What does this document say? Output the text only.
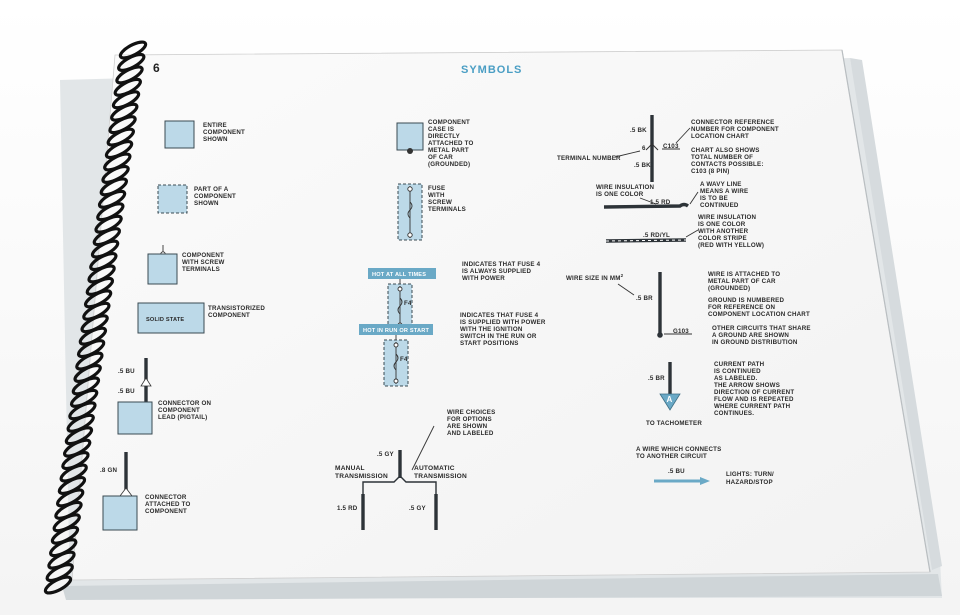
6	SYMBOLS
ENTIRE COMPONENT SHOWN
PART OF A COMPONENT SHOWN
COMPONENT WITH SCREW TERMINALS
SOLID STATE
TRANSISTORIZED COMPONENT
.5 BU
.5 BU
CONNECTOR ON COMPONENT LEAD (PIGTAIL)
.8 GN
CONNECTOR ATTACHED TO COMPONENT
COMPONENT CASE IS DIRECTLY ATTACHED TO METAL PART OF CAR (GROUNDED)
FUSE WITH SCREW TERMINALS
HOT AT ALL TIMES
F4
INDICATES THAT FUSE 4 IS ALWAYS SUPPLIED WITH POWER
HOT IN RUN OR START
F4
INDICATES THAT FUSE 4 IS SUPPLIED WITH POWER WITH THE IGNITION SWITCH IN THE RUN OR START POSITIONS
WIRE CHOICES FOR OPTIONS ARE SHOWN AND LABELED
.5 GY
MANUAL TRANSMISSION
AUTOMATIC TRANSMISSION
1.5 RD	.5 GY
.5 BK
.5 BK
TERMINAL NUMBER
6	C103
CONNECTOR REFERENCE NUMBER FOR COMPONENT LOCATION CHART
CHART ALSO SHOWS TOTAL NUMBER OF CONTACTS POSSIBLE: C103 (8 PIN)
WIRE INSULATION IS ONE COLOR
1.5 RD
A WAVY LINE MEANS A WIRE IS TO BE CONTINUED
.5 RD/YL
WIRE INSULATION IS ONE COLOR WITH ANOTHER COLOR STRIPE (RED WITH YELLOW)
WIRE SIZE IN $MM^2$
.5 BR
G103
WIRE IS ATTACHED TO METAL PART OF CAR (GROUNDED)
GROUND IS NUMBERED FOR REFERENCE ON COMPONENT LOCATION CHART
OTHER CIRCUITS THAT SHARE A GROUND ARE SHOWN IN GROUND DISTRIBUTION
.5 BR
A
TO TACHOMETER
CURRENT PATH IS CONTINUED AS LABELED. THE ARROW SHOWS DIRECTION OF CURRENT FLOW AND IS REPEATED WHERE CURRENT PATH CONTINUES.
A WIRE WHICH CONNECTS TO ANOTHER CIRCUIT
.5 BU	LIGHTS: TURN/ HAZARD/STOP
